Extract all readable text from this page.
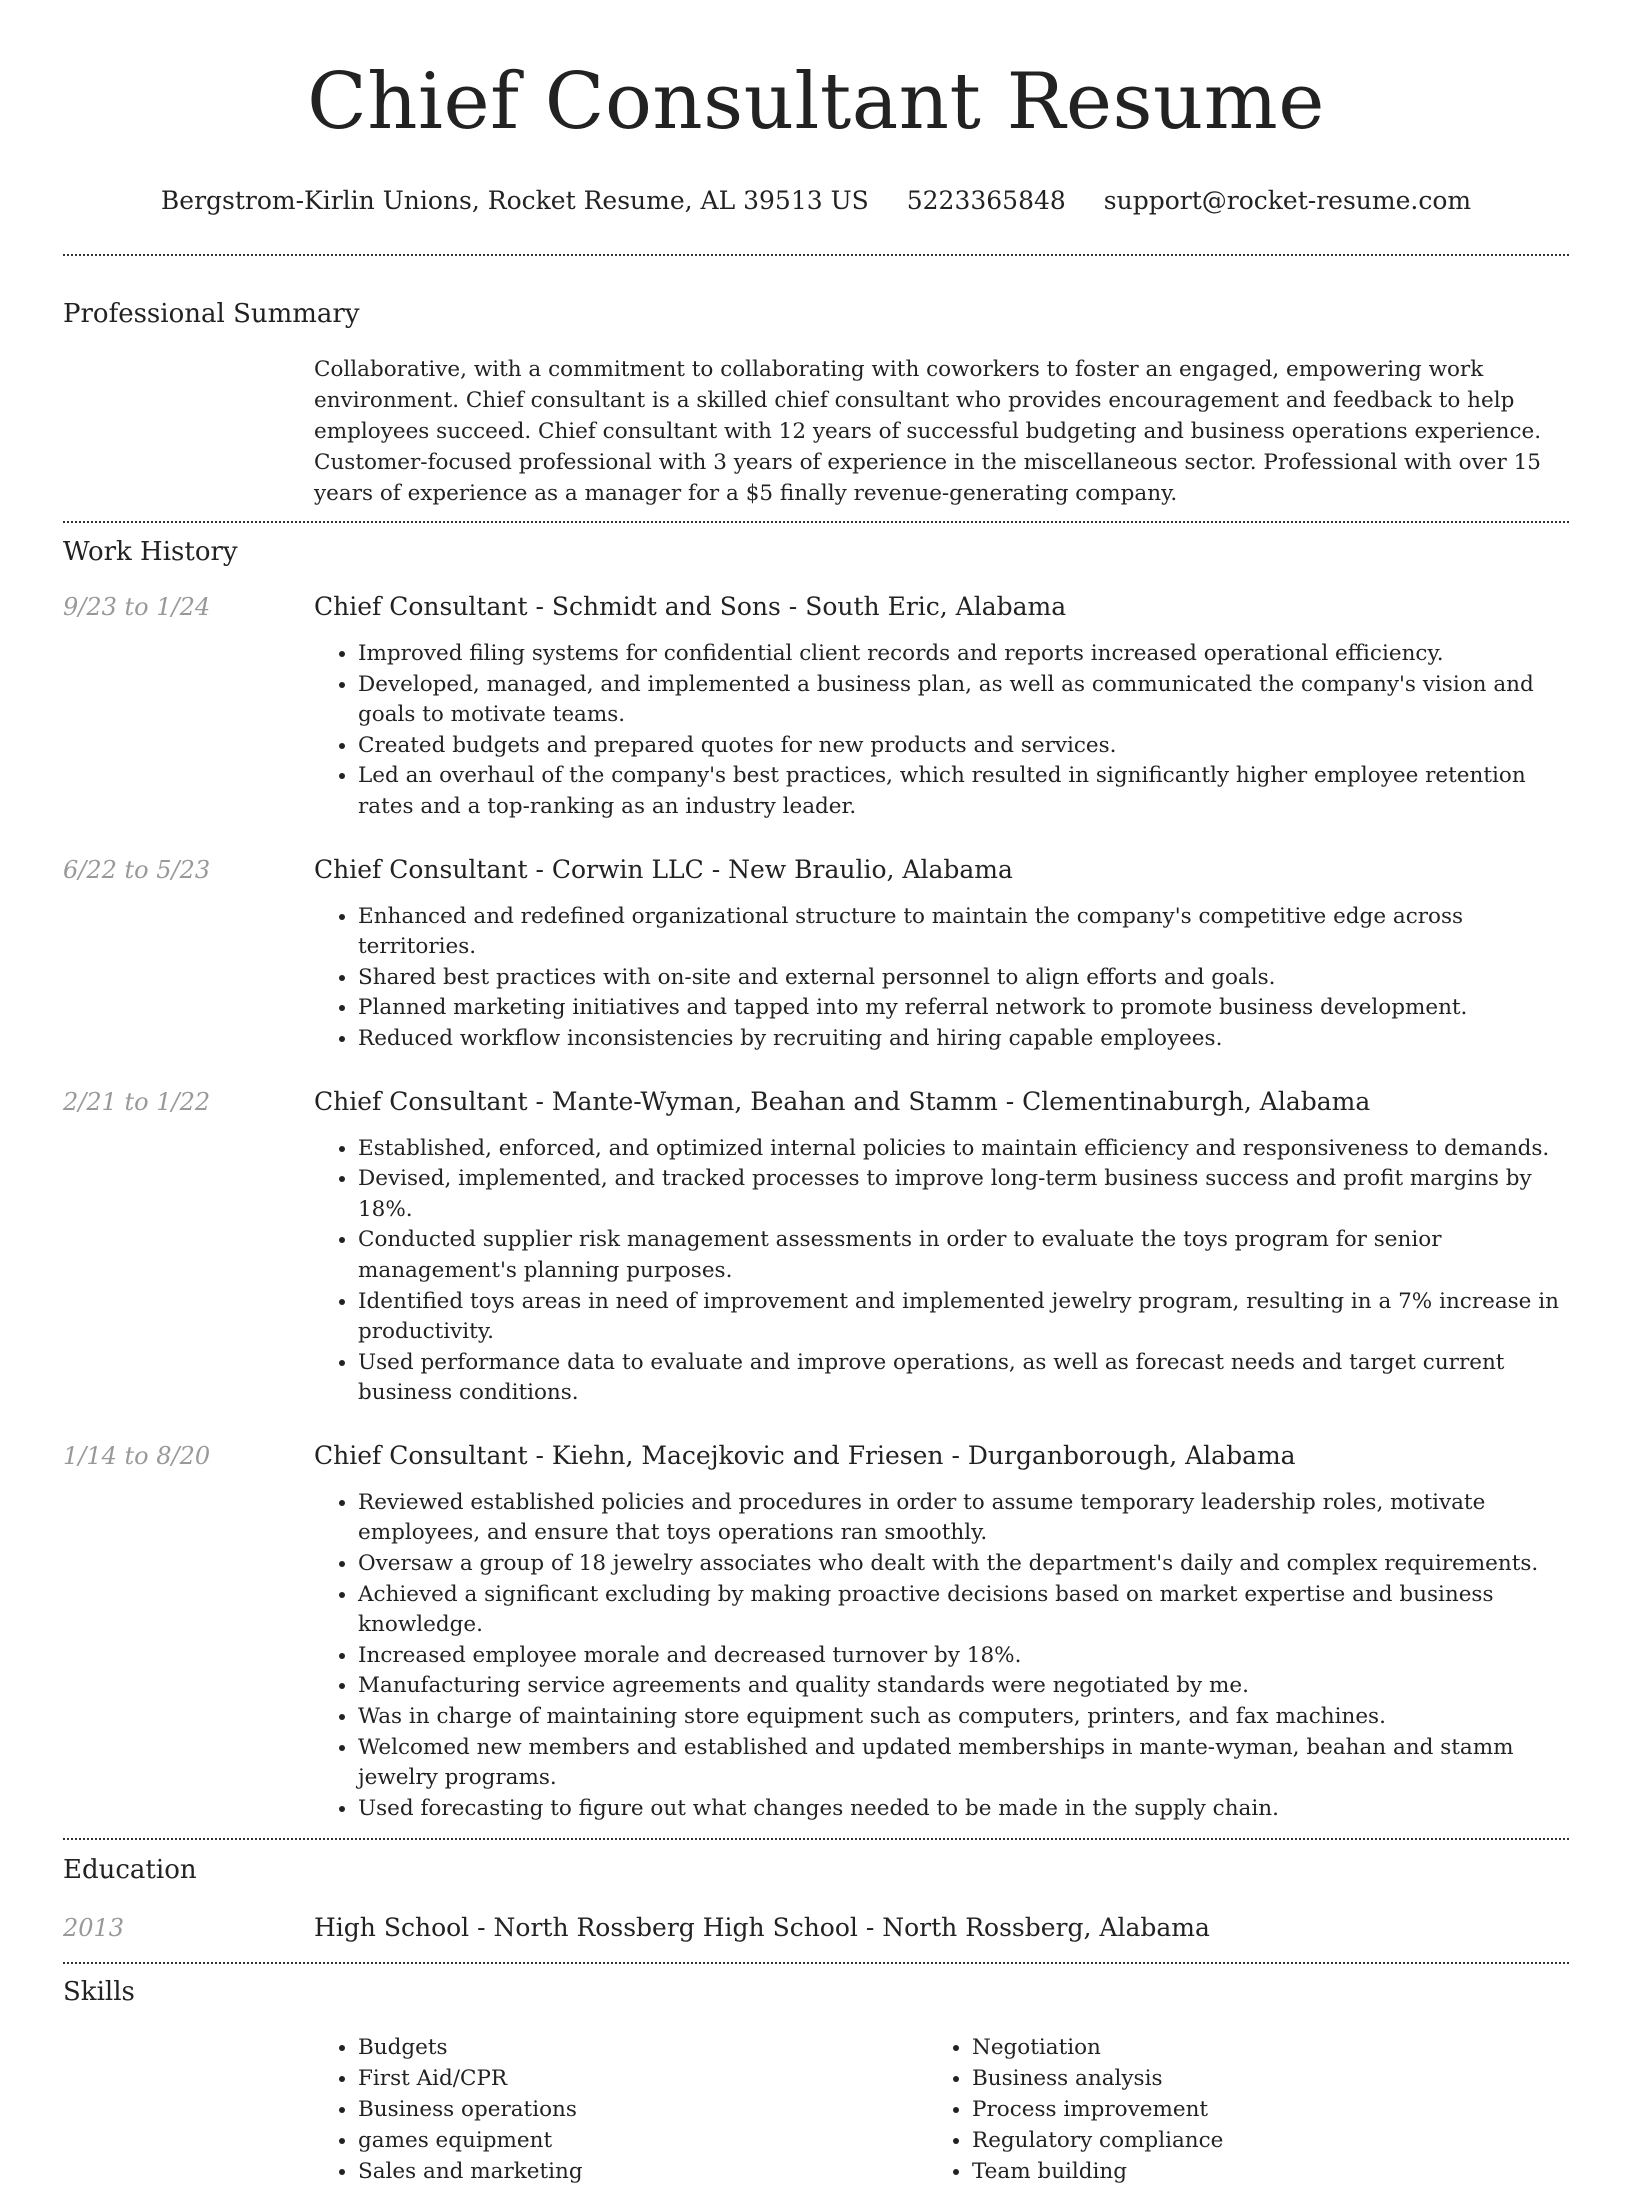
Chief Consultant Resume
Bergstrom-Kirlin Unions, Rocket Resume, AL 39513 US 5223365848 support@rocket-resume.com
Professional Summary
Collaborative, with a commitment to collaborating with coworkers to foster an engaged, empowering work environment. Chief consultant is a skilled chief consultant who provides encouragement and feedback to help employees succeed. Chief consultant with 12 years of successful budgeting and business operations experience. Customer-focused professional with 3 years of experience in the miscellaneous sector. Professional with over 15 years of experience as a manager for a $5 finally revenue-generating company.
Work History
9/23 to 1/24	Chief Consultant - Schmidt and Sons - South Eric, Alabama
• Improved filing systems for confidential client records and reports increased operational efficiency.
• Developed, managed, and implemented a business plan, as well as communicated the company's vision and goals to motivate teams.
• Created budgets and prepared quotes for new products and services.
• Led an overhaul of the company's best practices, which resulted in significantly higher employee retention rates and a top-ranking as an industry leader.
6/22 to 5/23	Chief Consultant - Corwin LLC - New Braulio, Alabama
• Enhanced and redefined organizational structure to maintain the company's competitive edge across territories.
• Shared best practices with on-site and external personnel to align efforts and goals.
• Planned marketing initiatives and tapped into my referral network to promote business development.
• Reduced workflow inconsistencies by recruiting and hiring capable employees.
2/21 to 1/22	Chief Consultant - Mante-Wyman, Beahan and Stamm - Clementinaburgh, Alabama
• Established, enforced, and optimized internal policies to maintain efficiency and responsiveness to demands.
• Devised, implemented, and tracked processes to improve long-term business success and profit margins by 18%.
• Conducted supplier risk management assessments in order to evaluate the toys program for senior management's planning purposes.
• Identified toys areas in need of improvement and implemented jewelry program, resulting in a 7% increase in productivity.
• Used performance data to evaluate and improve operations, as well as forecast needs and target current business conditions.
1/14 to 8/20	Chief Consultant - Kiehn, Macejkovic and Friesen - Durganborough, Alabama
• Reviewed established policies and procedures in order to assume temporary leadership roles, motivate employees, and ensure that toys operations ran smoothly.
• Oversaw a group of 18 jewelry associates who dealt with the department's daily and complex requirements.
• Achieved a significant excluding by making proactive decisions based on market expertise and business knowledge.
• Increased employee morale and decreased turnover by 18%.
• Manufacturing service agreements and quality standards were negotiated by me.
• Was in charge of maintaining store equipment such as computers, printers, and fax machines.
• Welcomed new members and established and updated memberships in mante-wyman, beahan and stamm jewelry programs.
• Used forecasting to figure out what changes needed to be made in the supply chain.
Education
2013	High School - North Rossberg High School - North Rossberg, Alabama
Skills
• Budgets
• First Aid/CPR
• Business operations
• games equipment
• Sales and marketing
• Negotiation
• Business analysis
• Process improvement
• Regulatory compliance
• Team building
